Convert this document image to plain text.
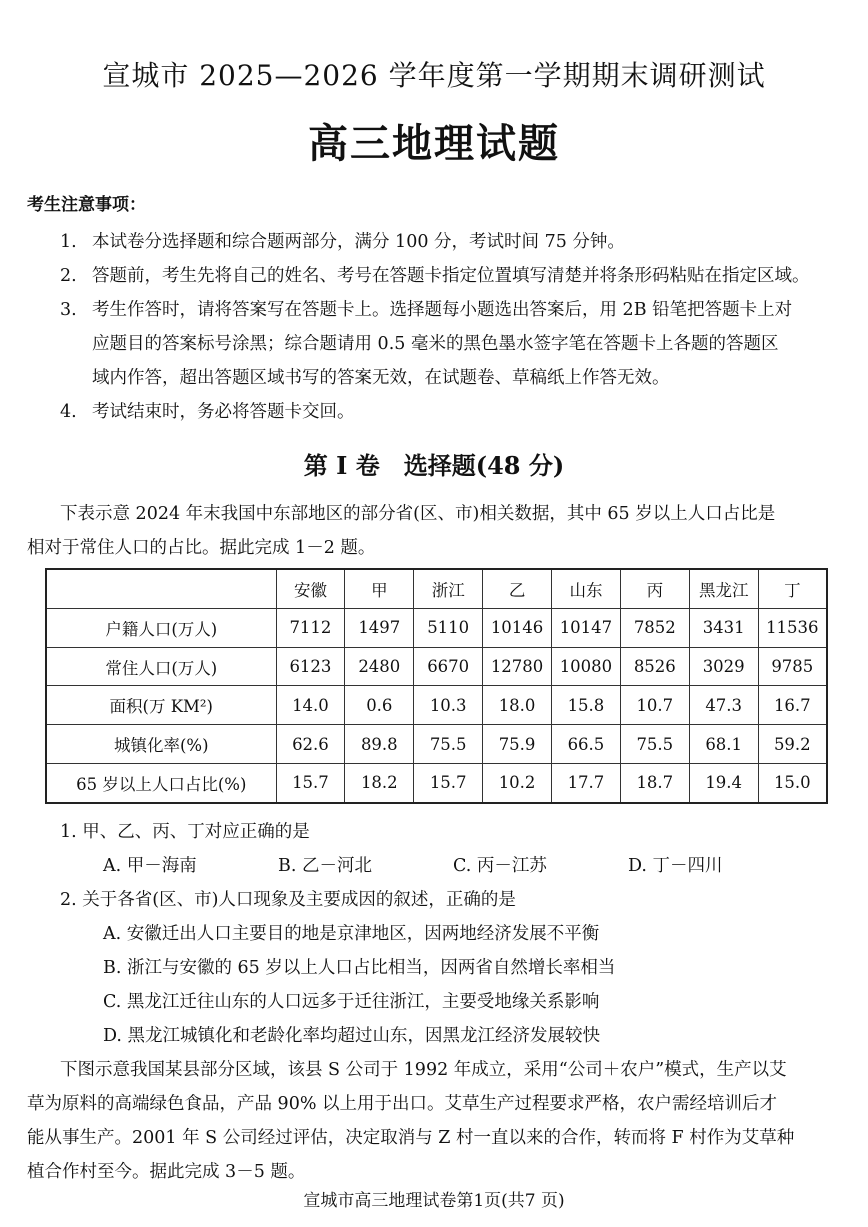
宣城市 2025—2026 学年度第一学期期末调研测试
高三地理试题
考生注意事项：
1. 本试卷分选择题和综合题两部分，满分 100 分，考试时间 75 分钟。
2. 答题前，考生先将自己的姓名、考号在答题卡指定位置填写清楚并将条形码粘贴在指定区域。
3. 考生作答时，请将答案写在答题卡上。选择题每小题选出答案后，用 2B 铅笔把答题卡上对
应题目的答案标号涂黑；综合题请用 0.5 毫米的黑色墨水签字笔在答题卡上各题的答题区
域内作答，超出答题区域书写的答案无效，在试题卷、草稿纸上作答无效。
4. 考试结束时，务必将答题卡交回。
第 Ⅰ 卷　选择题(48 分)
下表示意 2024 年末我国中东部地区的部分省(区、市)相关数据，其中 65 岁以上人口占比是
相对于常住人口的占比。据此完成 1－2 题。
	安徽	甲	浙江	乙	山东	丙	黑龙江	丁
户籍人口(万人)	7112	1497	5110	10146	10147	7852	3431	11536
常住人口(万人)	6123	2480	6670	12780	10080	8526	3029	9785
面积(万 KM²)	14.0	0.6	10.3	18.0	15.8	10.7	47.3	16.7
城镇化率(%)	62.6	89.8	75.5	75.9	66.5	75.5	68.1	59.2
65 岁以上人口占比(%)	15.7	18.2	15.7	10.2	17.7	18.7	19.4	15.0
1. 甲、乙、丙、丁对应正确的是
A. 甲－海南	B. 乙－河北	C. 丙－江苏	D. 丁－四川
2. 关于各省(区、市)人口现象及主要成因的叙述，正确的是
A. 安徽迁出人口主要目的地是京津地区，因两地经济发展不平衡
B. 浙江与安徽的 65 岁以上人口占比相当，因两省自然增长率相当
C. 黑龙江迁往山东的人口远多于迁往浙江，主要受地缘关系影响
D. 黑龙江城镇化和老龄化率均超过山东，因黑龙江经济发展较快
下图示意我国某县部分区域，该县 S 公司于 1992 年成立，采用“公司＋农户”模式，生产以艾
草为原料的高端绿色食品，产品 90% 以上用于出口。艾草生产过程要求严格，农户需经培训后才
能从事生产。2001 年 S 公司经过评估，决定取消与 Z 村一直以来的合作，转而将 F 村作为艾草种
植合作村至今。据此完成 3－5 题。
宣城市高三地理试卷第1页(共7 页)
